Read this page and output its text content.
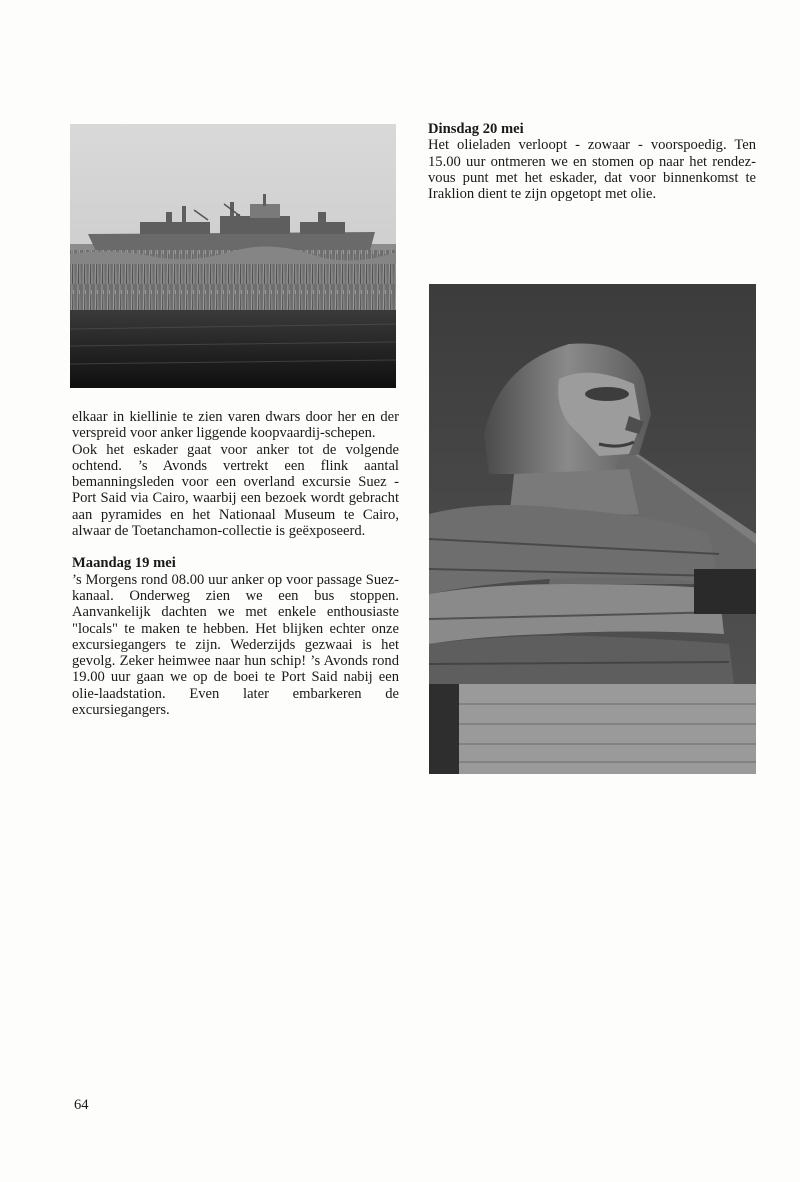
Dinsdag 20 mei

Het olieladen verloopt - zowaar - voorspoedig. Ten 15.00 uur ontmeren we en stomen op naar het rendez-vous punt met het eskader, dat voor binnenkomst te Iraklion dient te zijn opgetopt met olie.

elkaar in kiellinie te zien varen dwars door her en der verspreid voor anker liggende koopvaardij-schepen.

Ook het eskader gaat voor anker tot de volgende ochtend. ’s Avonds vertrekt een flink aantal bemanningsleden voor een overland excursie Suez - Port Said via Cairo, waarbij een bezoek wordt gebracht aan pyramides en het Nationaal Museum te Cairo, alwaar de Toetanchamon-collectie is geëxposeerd.

Maandag 19 mei

’s Morgens rond 08.00 uur anker op voor passage Suez-kanaal. Onderweg zien we een bus stoppen. Aanvankelijk dachten we met enkele enthousiaste "locals" te maken te hebben. Het blijken echter onze excursiegangers te zijn. Wederzijds gezwaai is het gevolg. Zeker heimwee naar hun schip! ’s Avonds rond 19.00 uur gaan we op de boei te Port Said nabij een olie-laadstation. Even later embarkeren de excursiegangers.

64
